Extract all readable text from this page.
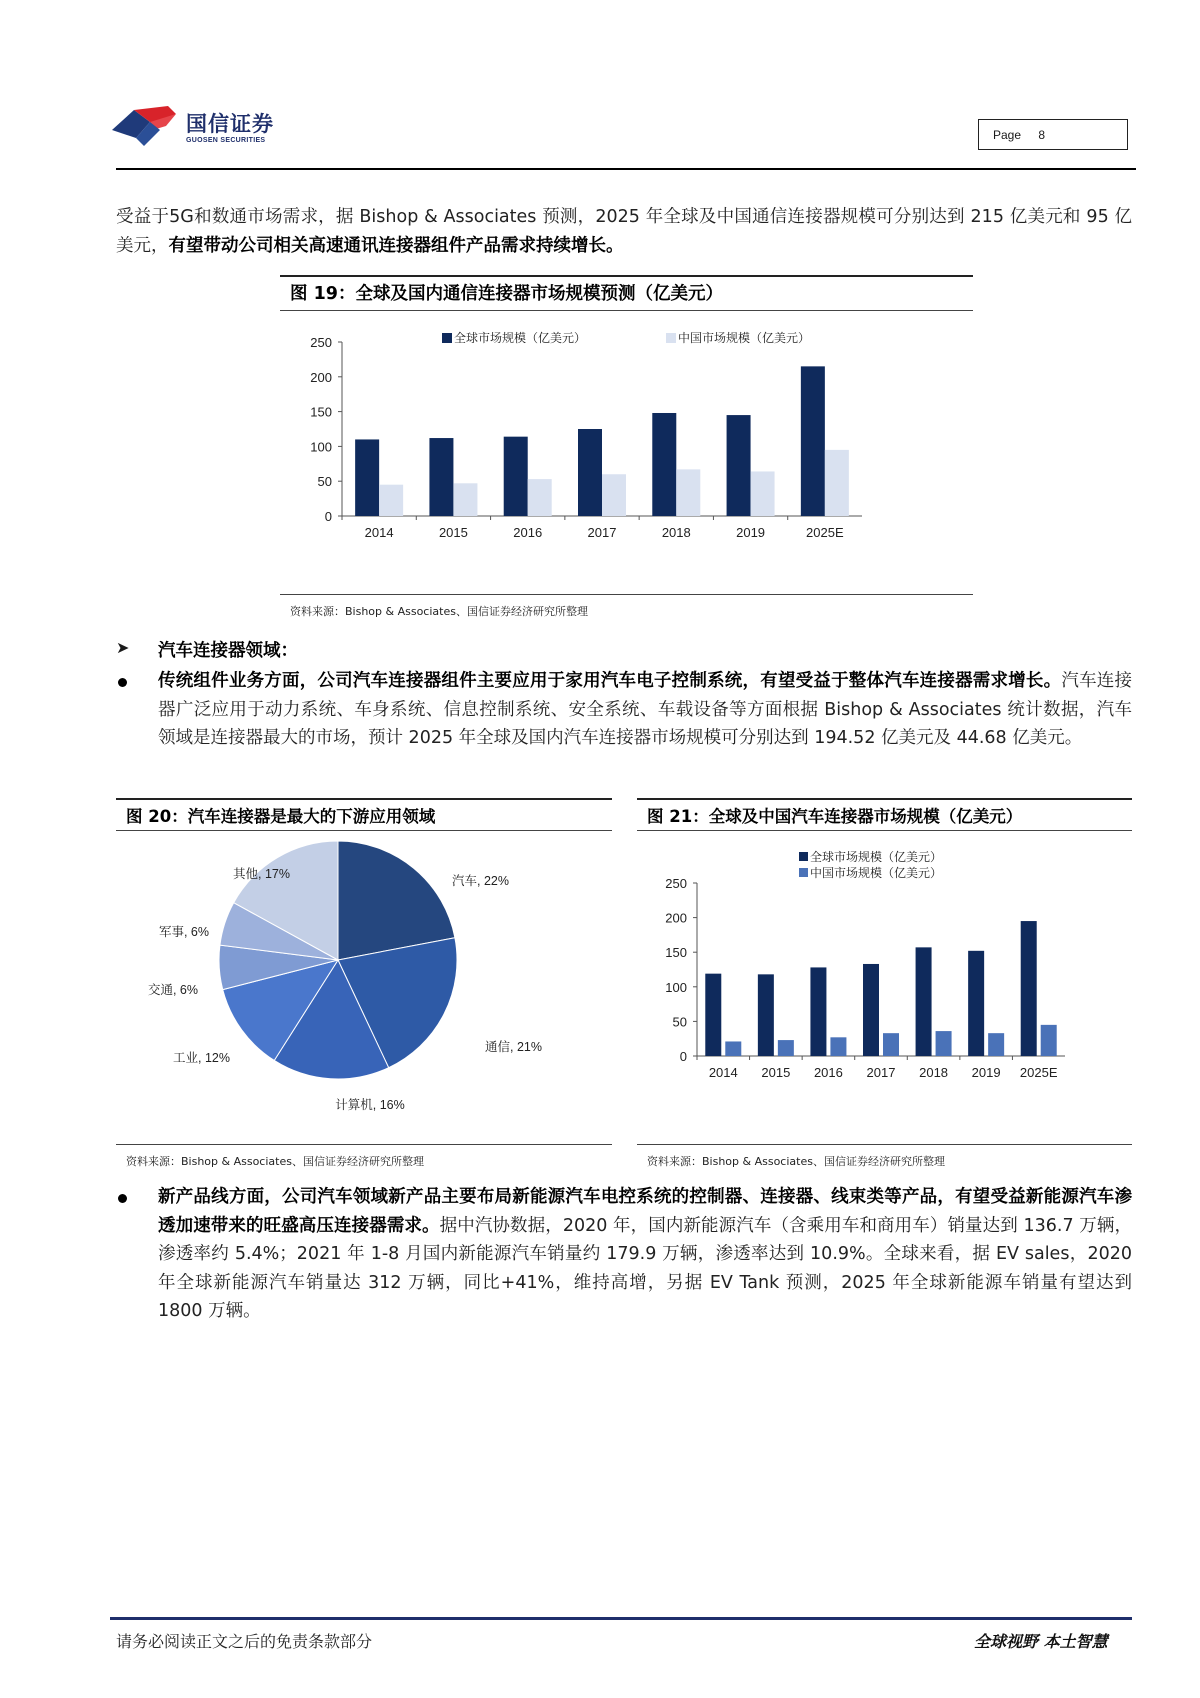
国信证券
GUOSEN SECURITIES	Page 8

受益于5G和数通市场需求，据 Bishop & Associates 预测，2025 年全球及中国通信连接器规模可分别达到 215 亿美元和 95 亿美元，有望带动公司相关高速通讯连接器组件产品需求持续增长。

图 19：全球及国内通信连接器市场规模预测（亿美元）
全球市场规模（亿美元）	中国市场规模（亿美元）
0
50
100
150
200
250
2014	2015	2016	2017	2018	2019	2025E
资料来源：Bishop & Associates、国信证券经济研究所整理
➤ 汽车连接器领域：

传统组件业务方面，公司汽车连接器组件主要应用于家用汽车电子控制系统，有望受益于整体汽车连接器需求增长。汽车连接器广泛应用于动力系统、车身系统、信息控制系统、安全系统、车载设备等方面根据 Bishop & Associates 统计数据，汽车领域是连接器最大的市场，预计 2025 年全球及国内汽车连接器市场规模可分别达到 194.52 亿美元及 44.68 亿美元。

图 20：汽车连接器是最大的下游应用领域
汽车, 22%
通信, 21%
计算机, 16%
工业, 12%
交通, 6%
军事, 6%
其他, 17%
资料来源：Bishop & Associates、国信证券经济研究所整理
图 21：全球及中国汽车连接器市场规模（亿美元）
全球市场规模（亿美元）
中国市场规模（亿美元）
0
50
100
150
200
250
2014 2015 2016 2017 2018 2019 2025E
资料来源：Bishop & Associates、国信证券经济研究所整理

新产品线方面，公司汽车领域新产品主要布局新能源汽车电控系统的控制器、连接器、线束类等产品，有望受益新能源汽车渗透加速带来的旺盛高压连接器需求。据中汽协数据，2020 年，国内新能源汽车（含乘用车和商用车）销量达到 136.7 万辆，渗透率约 5.4%；2021 年 1-8 月国内新能源汽车销量约 179.9 万辆，渗透率达到 10.9%。全球来看，据 EV sales，2020 年全球新能源汽车销量达 312 万辆，同比+41%，维持高增，另据 EV Tank 预测，2025 年全球新能源车销量有望达到 1800 万辆。

请务必阅读正文之后的免责条款部分	全球视野 本土智慧
